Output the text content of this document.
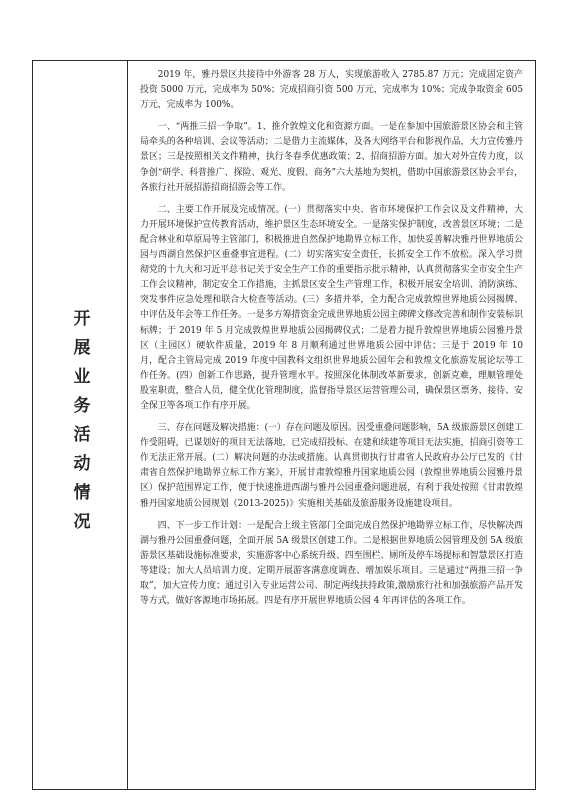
开展业务活动情况

2019 年，雅丹景区共接待中外游客 28 万人，实现旅游收入 2785.87 万元；完成固定资产投资 5000 万元，完成率为 50%；完成招商引资 500 万元，完成率为 10%；完成争取资金 605 万元，完成率为 100%。

一、“两推三招一争取”。1、推介敦煌文化和资源方面。一是在参加中国旅游景区协会和主管局牵头的各种培训、会议等活动；二是借力主流媒体，及各大网络平台和影视作品，大力宣传雅丹景区；三是按照相关文件精神，执行冬春季优惠政策；2、招商招游方面。加大对外宣传力度，以争创“研学、科普推广、探险、观光、度假、商务”六大基地为契机，借助中国旅游景区协会平台，各旅行社开展招游招商招游会等工作。

二、主要工作开展及完成情况。(一）贯彻落实中央、省市环境保护工作会议及文件精神，大力开展环境保护宣传教育活动，维护景区生态环境安全。一是落实保护制度，改善景区环境；二是配合林业和草原局等主管部门，积极推进自然保护地勘界立标工作，加快妥善解决雅丹世界地质公园与西湖自然保护区重叠事宜进程。(二）切实落实安全责任，长抓安全工作不放松。深入学习贯彻党的十九大和习近平总书记关于安全生产工作的重要指示批示精神，认真贯彻落实全市安全生产工作会议精神，制定安全工作措施，主抓景区安全生产管理工作，积极开展安全培训、消防演练、突发事件应急处理和联合大检查等活动。(三）多措并举，全力配合完成敦煌世界地质公园揭牌、中评估及年会等工作任务。一是多方筹措资金完成世界地质公园主碑碑文修改完善和制作安装标识标牌；于 2019 年 5 月完成敦煌世界地质公园揭碑仪式；二是着力提升敦煌世界地质公园雅丹景区（主园区）硬软件质量，2019 年 8 月顺利通过世界地质公园中评估；三是于 2019 年 10 月，配合主管局完成 2019 年度中国教科文组织世界地质公园年会和敦煌文化旅游发展论坛等工作任务。(四）创新工作思路，提升管理水平。按照深化体制改革新要求，创新克难，理顺管理处股室职责，整合人员，健全优化管理制度，监督指导景区运营管理公司，确保景区票务、接待、安全保卫等各项工作有序开展。

三、存在问题及解决措施：(一）存在问题及原因。因受重叠问题影响，5A 级旅游景区创建工作受阻碍，已谋划好的项目无法落地，已完成招投标、在建和续建等项目无法实施，招商引资等工作无法正常开展。(二）解决问题的办法或措施。认真贯彻执行甘肃省人民政府办公厅已发的《甘肃省自然保护地勘界立标工作方案》，开展甘肃敦煌雅丹国家地质公园（敦煌世界地质公园雅丹景区）保护范围界定工作，便于快速推进西湖与雅丹公园重叠问题进展，有利于我处按照《甘肃敦煌雅丹国家地质公园规划（2013-2025)》实施相关基础及旅游服务设施建设项目。

四、下一步工作计划：一是配合上级主管部门全面完成自然保护地勘界立标工作，尽快解决西湖与雅丹公园重叠问题，全面开展 5A 级景区创建工作。二是根据世界地质公园管理及创 5A 级旅游景区基础设施标准要求，实施游客中心系统升级、四至围栏、厕所及停车场提标和智慧景区打造等建设；加大人员培训力度、定期开展游客满意度调查、增加娱乐项目。三是通过“两推三招一争取”，加大宣传力度；通过引入专业运营公司、制定两线扶持政策,激励旅行社和加强旅游产品开发等方式，做好客源地市场拓展。四是有序开展世界地质公园 4 年再评估的各项工作。
